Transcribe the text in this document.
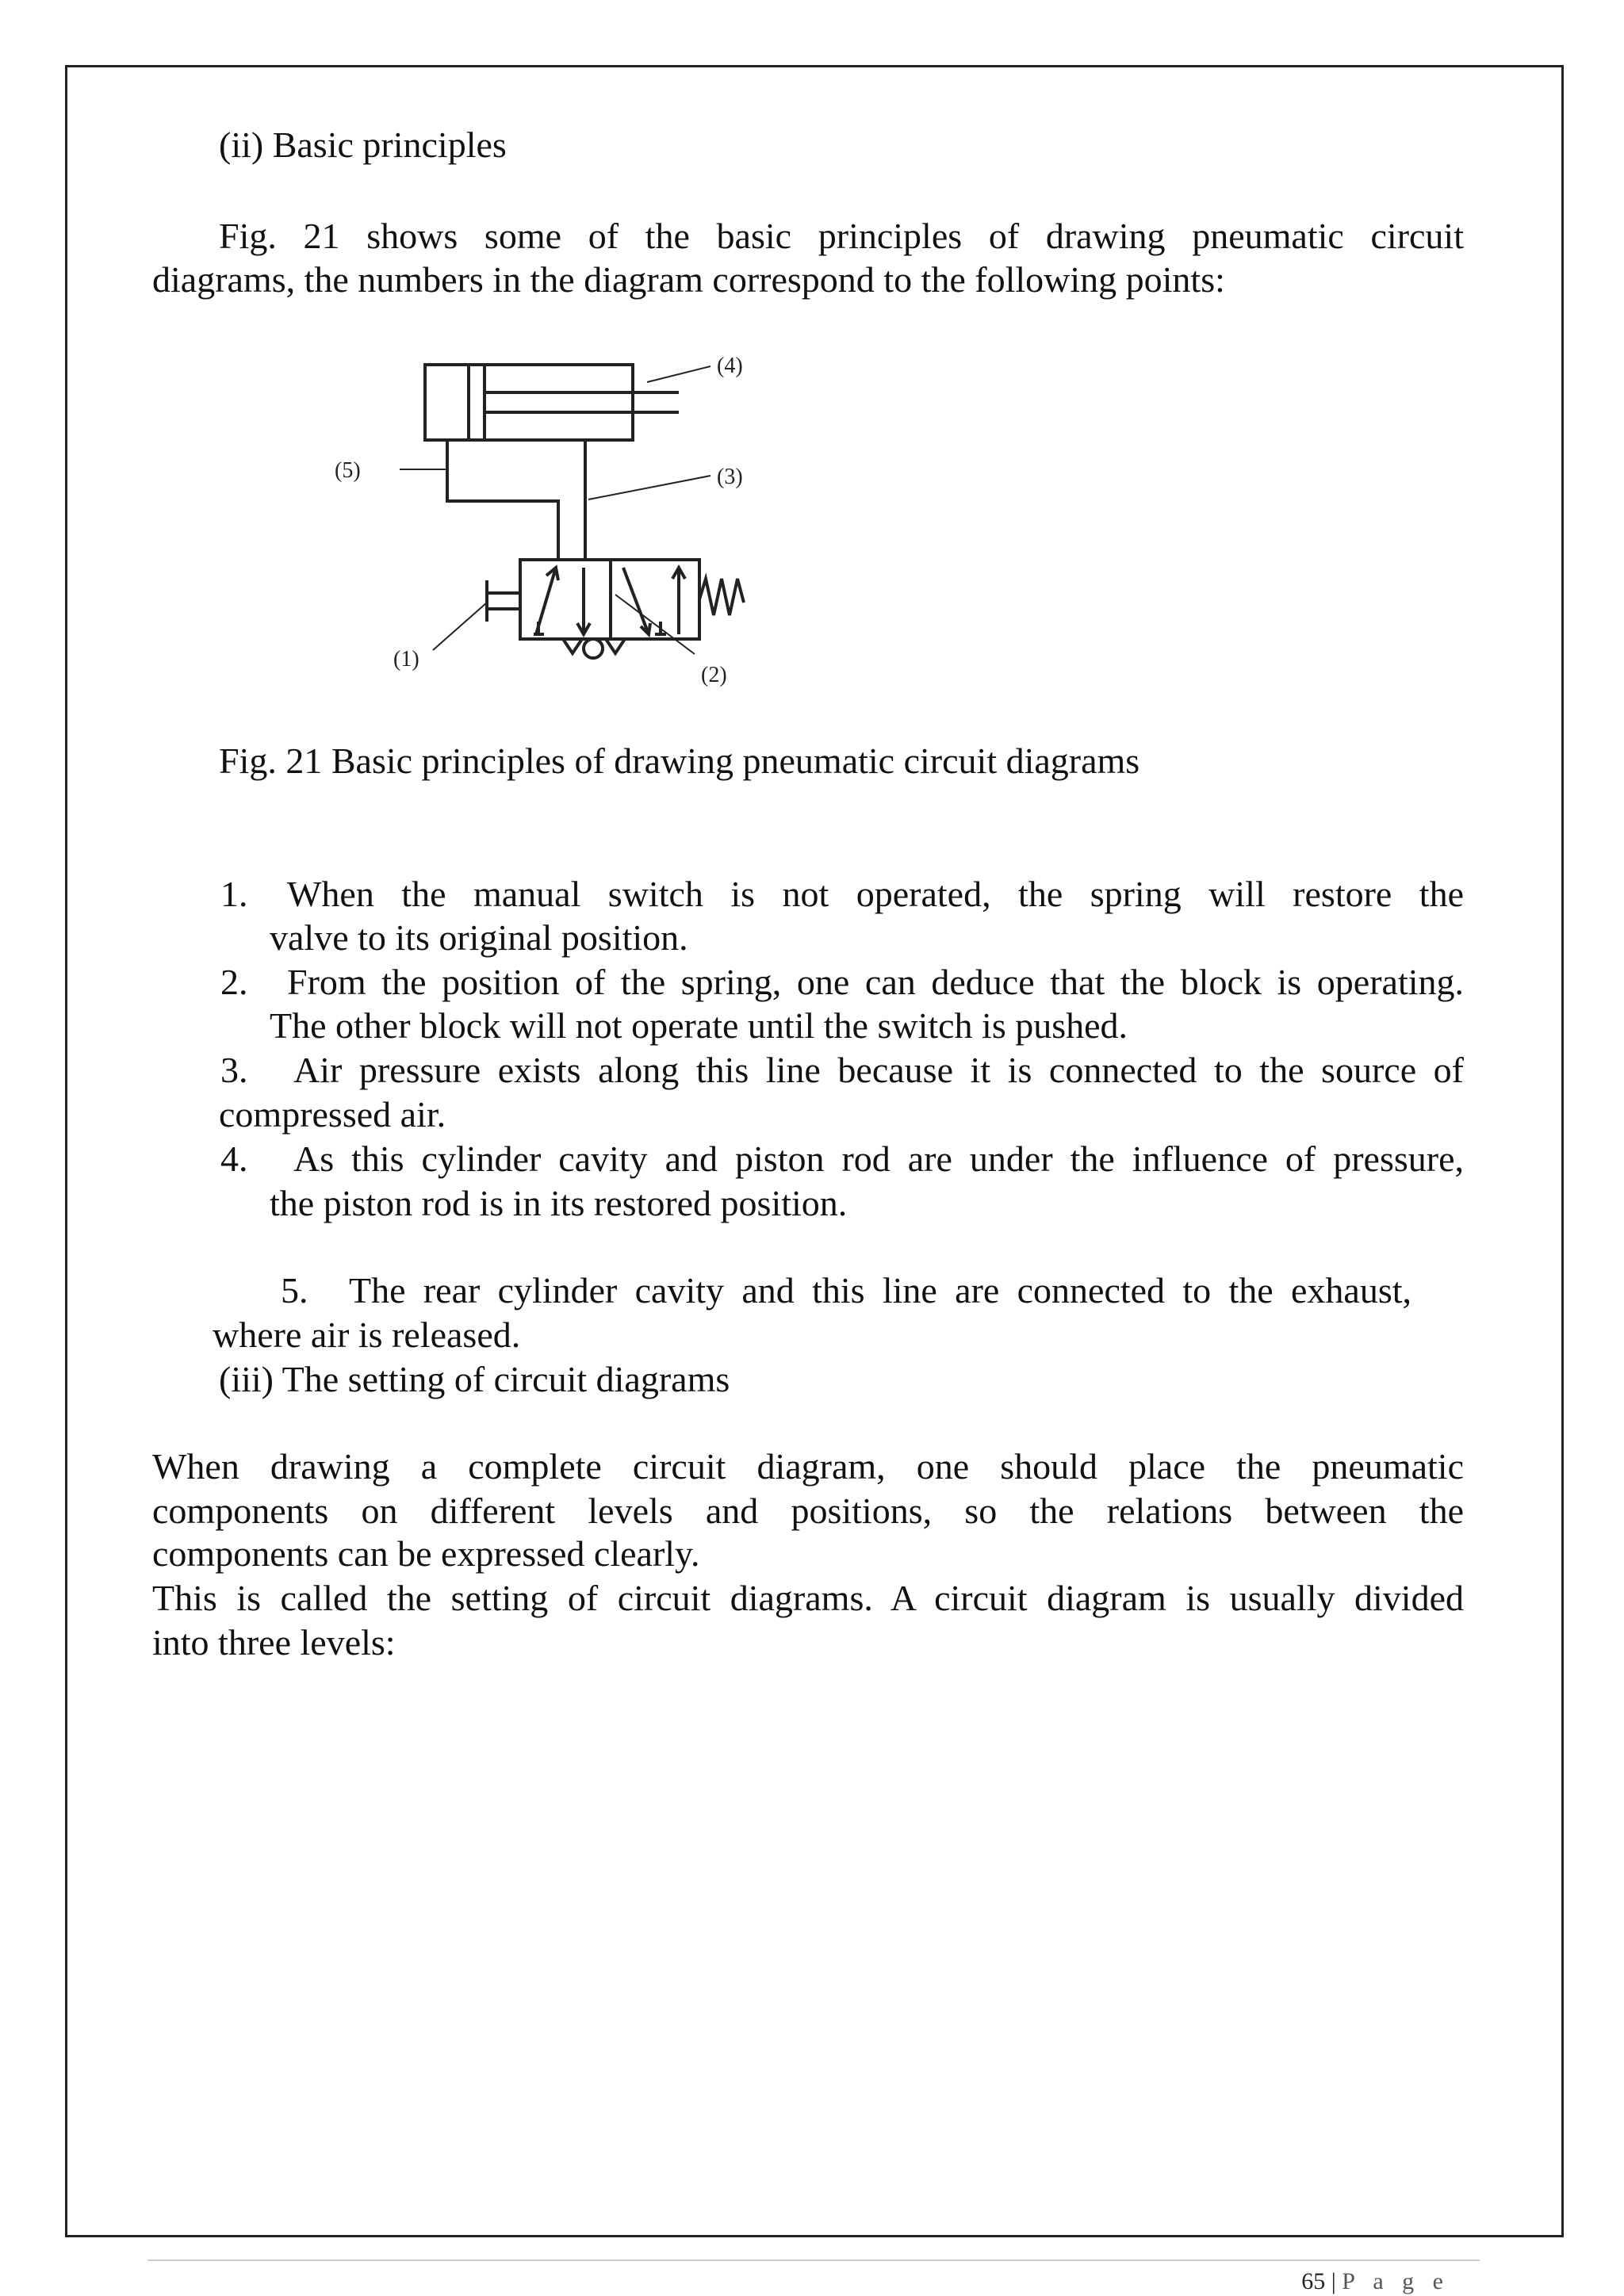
(ii) Basic principles
Fig. 21 shows some of the basic principles of drawing pneumatic circuit
diagrams, the numbers in the diagram correspond to the following points:
(4)
(5)	(3)
(1)
(2)
Fig. 21 Basic principles of drawing pneumatic circuit diagrams
1. When the manual switch is not operated, the spring will restore the
valve to its original position.
2. From the position of the spring, one can deduce that the block is operating.
The other block will not operate until the switch is pushed.
3. Air pressure exists along this line because it is connected to the source of
compressed air.
4. As this cylinder cavity and piston rod are under the influence of pressure,
the piston rod is in its restored position.
5. The rear cylinder cavity and this line are connected to the exhaust,
where air is released.
(iii) The setting of circuit diagrams
When drawing a complete circuit diagram, one should place the pneumatic
components on different levels and positions, so the relations between the
components can be expressed clearly.
This is called the setting of circuit diagrams. A circuit diagram is usually divided
into three levels:
65 | P a g e
